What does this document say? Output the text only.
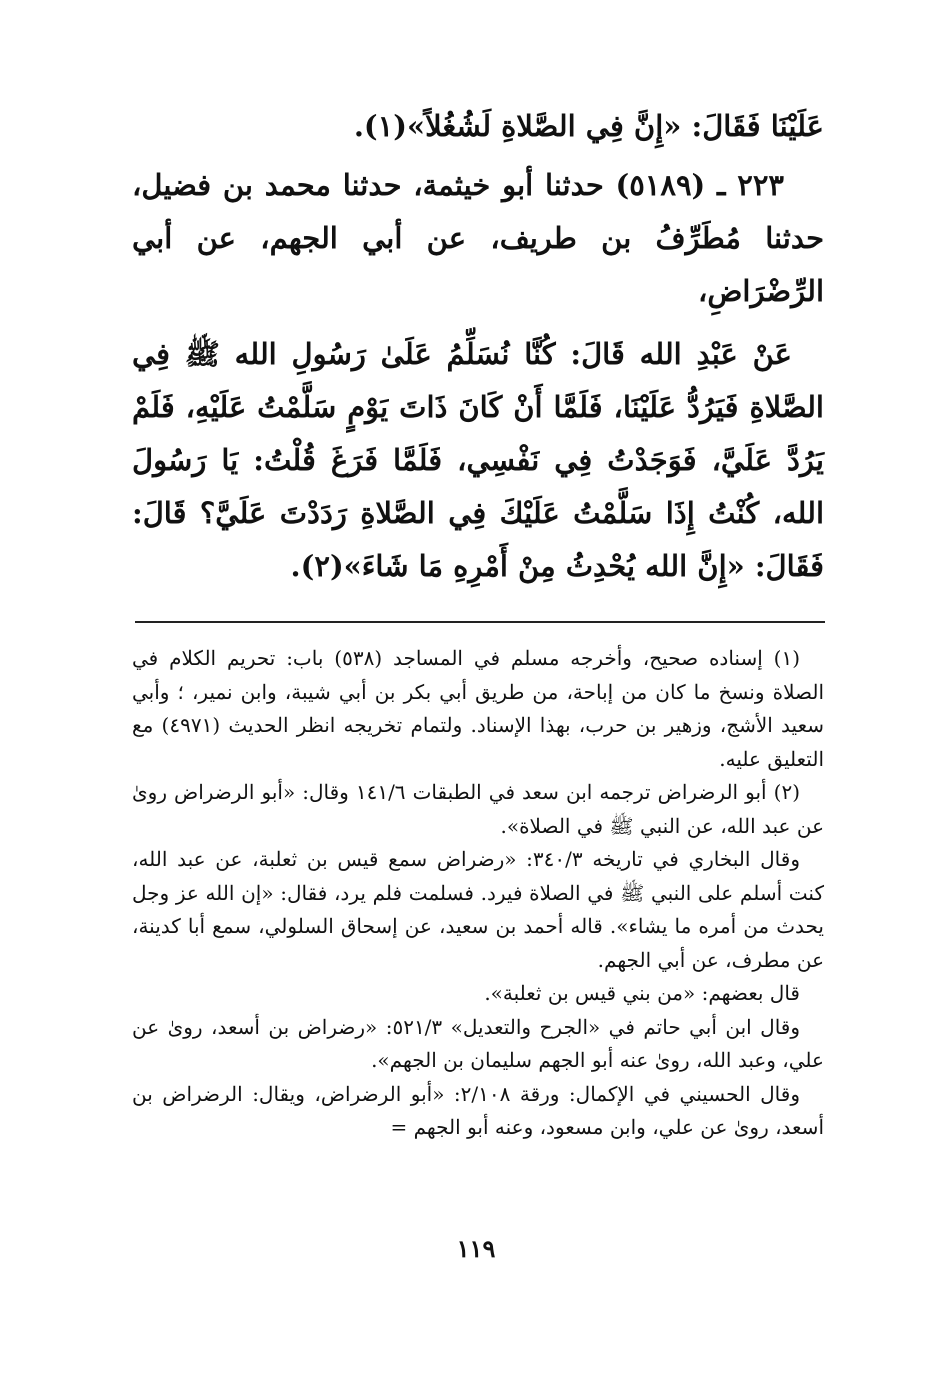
عَلَيْنَا فَقَالَ: «إِنَّ فِي الصَّلاةِ لَشُغُلاً»(١).

٢٢٣ ـ (٥١٨٩) حدثنا أبو خيثمة، حدثنا محمد بن فضيل، حدثنا مُطَرِّفُ بن طريف، عن أبي الجهم، عن أبي الرِّضْرَاضِ،

عَنْ عَبْدِ الله قَالَ: كُنَّا نُسَلِّمُ عَلَىٰ رَسُولِ الله ﷺ فِي الصَّلاةِ فَيَرُدُّ عَلَيْنَا، فَلَمَّا أَنْ كَانَ ذَاتَ يَوْمٍ سَلَّمْتُ عَلَيْهِ، فَلَمْ يَرُدَّ عَلَيَّ، فَوَجَدْتُ فِي نَفْسِي، فَلَمَّا فَرَغَ قُلْتُ: يَا رَسُولَ الله، كُنْتُ إِذَا سَلَّمْتُ عَلَيْكَ فِي الصَّلاةِ رَدَدْتَ عَلَيَّ؟ قَالَ: فَقَالَ: «إِنَّ الله يُحْدِثُ مِنْ أَمْرِهِ مَا شَاءَ»(٢).

(١) إسناده صحيح، وأخرجه مسلم في المساجد (٥٣٨) باب: تحريم الكلام في الصلاة ونسخ ما كان من إباحة، من طريق أبي بكر بن أبي شيبة، وابن نمير، ؛ وأبي سعيد الأشج، وزهير بن حرب، بهذا الإسناد. ولتمام تخريجه انظر الحديث (٤٩٧١) مع التعليق عليه.

(٢) أبو الرضراض ترجمه ابن سعد في الطبقات ١٤١/٦ وقال: «أبو الرضراض روىٰ عن عبد الله، عن النبي ﷺ في الصلاة».

وقال البخاري في تاريخه ٣٤٠/٣: «رضراض سمع قيس بن ثعلبة، عن عبد الله، كنت أسلم على النبي ﷺ في الصلاة فيرد. فسلمت فلم يرد، فقال: «إن الله عز وجل يحدث من أمره ما يشاء». قاله أحمد بن سعيد، عن إسحاق السلولي، سمع أبا كدينة، عن مطرف، عن أبي الجهم.

قال بعضهم: «من بني قيس بن ثعلبة».

وقال ابن أبي حاتم في «الجرح والتعديل» ٥٢١/٣: «رضراض بن أسعد، روىٰ عن علي، وعبد الله، روىٰ عنه أبو الجهم سليمان بن الجهم».

وقال الحسيني في الإكمال: ورقة ٢/١٠٨: «أبو الرضراض، ويقال: الرضراض بن أسعد، روىٰ عن علي، وابن مسعود، وعنه أبو الجهم =

١١٩
